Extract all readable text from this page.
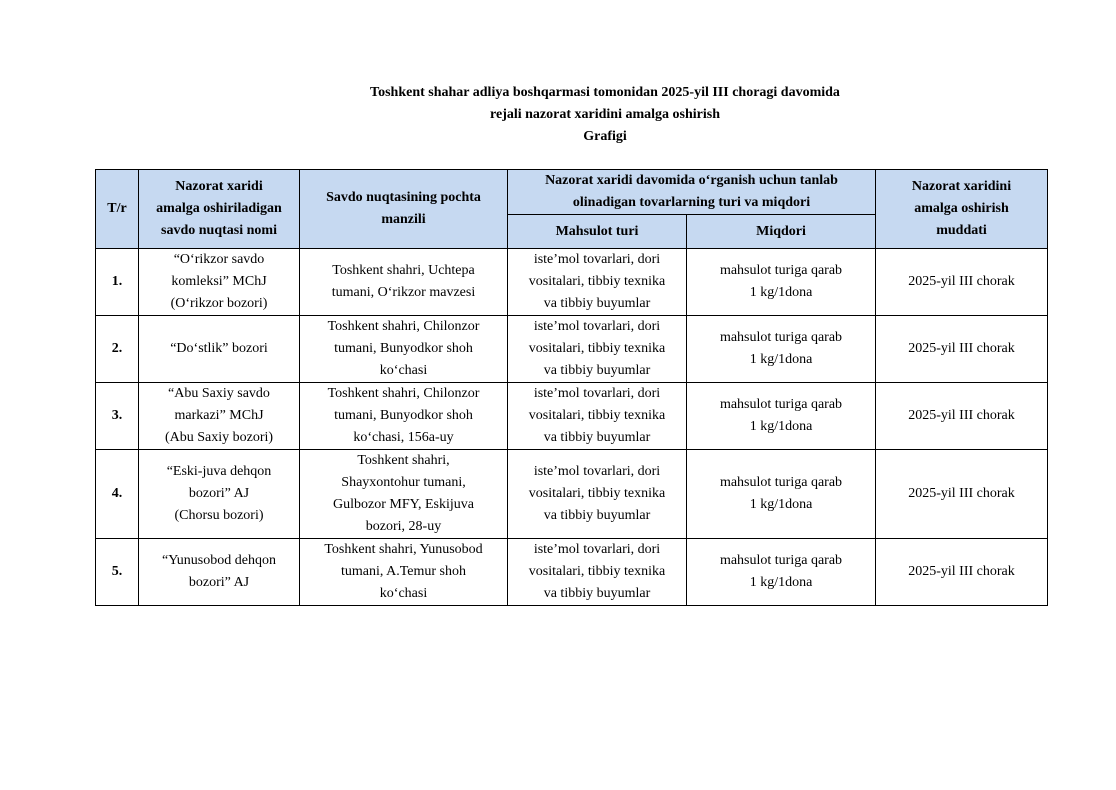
Toshkent shahar adliya boshqarmasi tomonidan 2025-yil III choragi davomida
rejali nazorat xaridini amalga oshirish
Grafigi
T/r	Nazorat xaridi
amalga oshiriladigan
savdo nuqtasi nomi	Savdo nuqtasining pochta
manzili	Nazorat xaridi davomida o‘rganish uchun tanlab
olinadigan tovarlarning turi va miqdori		Nazorat xaridini
amalga oshirish
muddati
			Mahsulot turi	Miqdori	
1.	“O‘rikzor savdo
komleksi” MChJ
(O‘rikzor bozori)	Toshkent shahri, Uchtepa
tumani, O‘rikzor mavzesi	iste’mol tovarlari, dori
vositalari, tibbiy texnika
va tibbiy buyumlar	mahsulot turiga qarab
1 kg/1dona	2025-yil III chorak
2.	“Do‘stlik” bozori	Toshkent shahri, Chilonzor
tumani, Bunyodkor shoh
ko‘chasi	iste’mol tovarlari, dori
vositalari, tibbiy texnika
va tibbiy buyumlar	mahsulot turiga qarab
1 kg/1dona	2025-yil III chorak
3.	“Abu Saxiy savdo
markazi” MChJ
(Abu Saxiy bozori)	Toshkent shahri, Chilonzor
tumani, Bunyodkor shoh
ko‘chasi, 156a-uy	iste’mol tovarlari, dori
vositalari, tibbiy texnika
va tibbiy buyumlar	mahsulot turiga qarab
1 kg/1dona	2025-yil III chorak
4.	“Eski-juva dehqon
bozori” AJ
(Chorsu bozori)	Toshkent shahri,
Shayxontohur tumani,
Gulbozor MFY, Eskijuva
bozori, 28-uy	iste’mol tovarlari, dori
vositalari, tibbiy texnika
va tibbiy buyumlar	mahsulot turiga qarab
1 kg/1dona	2025-yil III chorak
5.	“Yunusobod dehqon
bozori” AJ	Toshkent shahri, Yunusobod
tumani, A.Temur shoh
ko‘chasi	iste’mol tovarlari, dori
vositalari, tibbiy texnika
va tibbiy buyumlar	mahsulot turiga qarab
1 kg/1dona	2025-yil III chorak
